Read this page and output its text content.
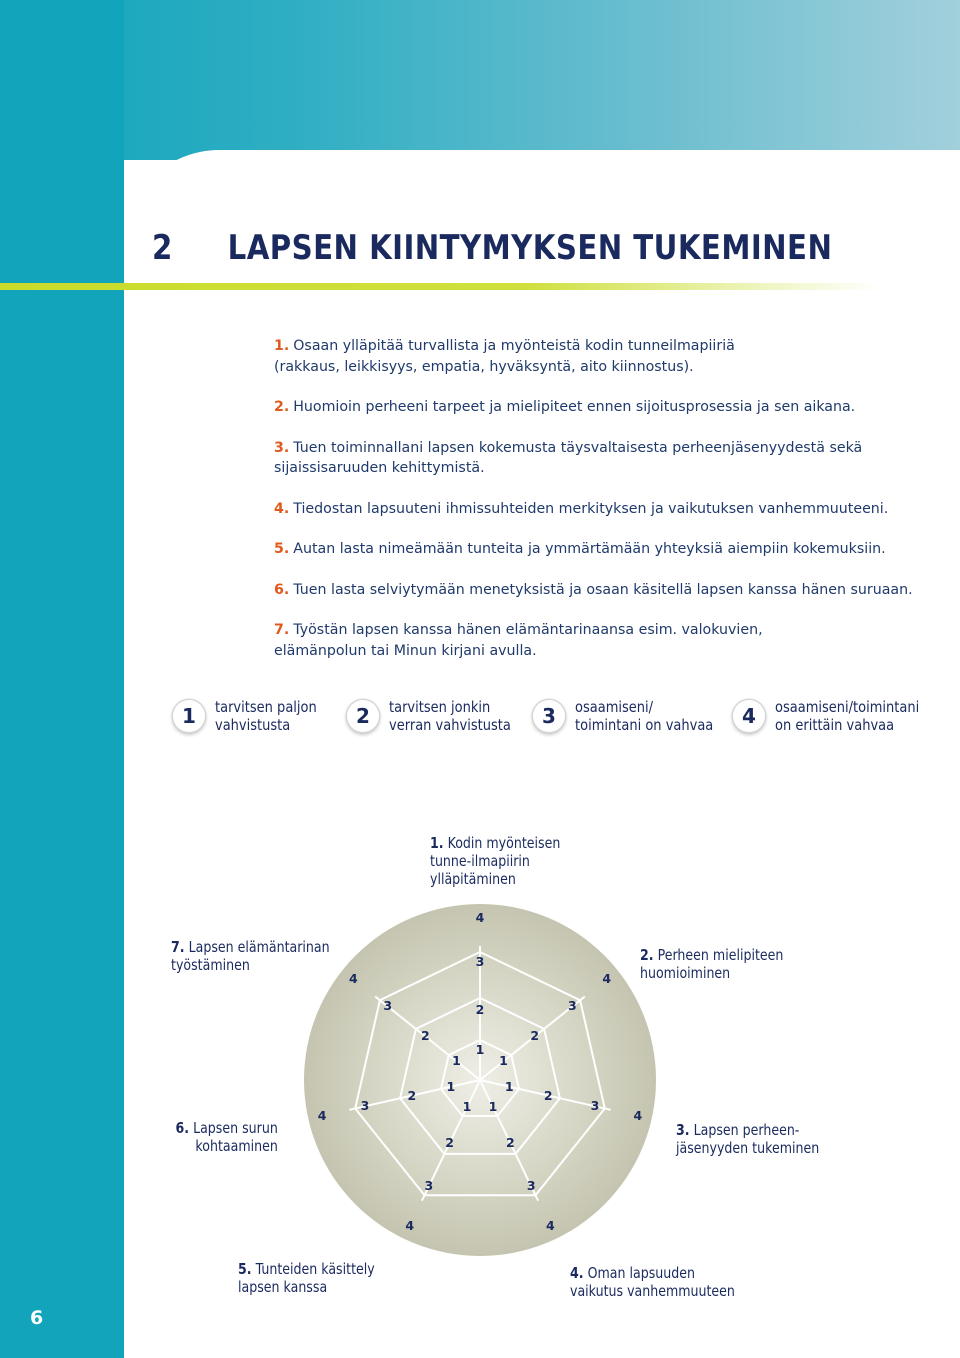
2 LAPSEN KIINTYMYKSEN TUKEMINEN
1. Osaan ylläpitää turvallista ja myönteistä kodin tunneilmapiiriä
(rakkaus, leikkisyys, empatia, hyväksyntä, aito kiinnostus).
2. Huomioin perheeni tarpeet ja mielipiteet ennen sijoitusprosessia ja sen aikana.
3. Tuen toiminnallani lapsen kokemusta täysvaltaisesta perheenjäsenyydestä sekä
sijaissisaruuden kehittymistä.
4. Tiedostan lapsuuteni ihmissuhteiden merkityksen ja vaikutuksen vanhemmuuteeni.
5. Autan lasta nimeämään tunteita ja ymmärtämään yhteyksiä aiempiin kokemuksiin.
6. Tuen lasta selviytymään menetyksistä ja osaan käsitellä lapsen kanssa hänen suruaan.
7. Työstän lapsen kanssa hänen elämäntarinaansa esim. valokuvien,
elämänpolun tai Minun kirjani avulla.
1	tarvitsen paljon
vahvistusta	2	tarvitsen jonkin
verran vahvistusta	3	osaamiseni/
toimintani on vahvaa	4	osaamiseni/toimintani
on erittäin vahvaa
1
2
3
4
1
2
3
4
1
2
3
4
1
2
3
4
1
2
3
4
1
2
3
4
1
2
3
4
1. Kodin myönteisen
tunne-ilmapiirin
ylläpitäminen
2. Perheen mielipiteen
huomioiminen
3. Lapsen perheen-
jäsenyyden tukeminen
4. Oman lapsuuden
vaikutus vanhemmuuteen
5. Tunteiden käsittely
lapsen kanssa
6. Lapsen surun
kohtaaminen
7. Lapsen elämäntarinan
työstäminen
6
